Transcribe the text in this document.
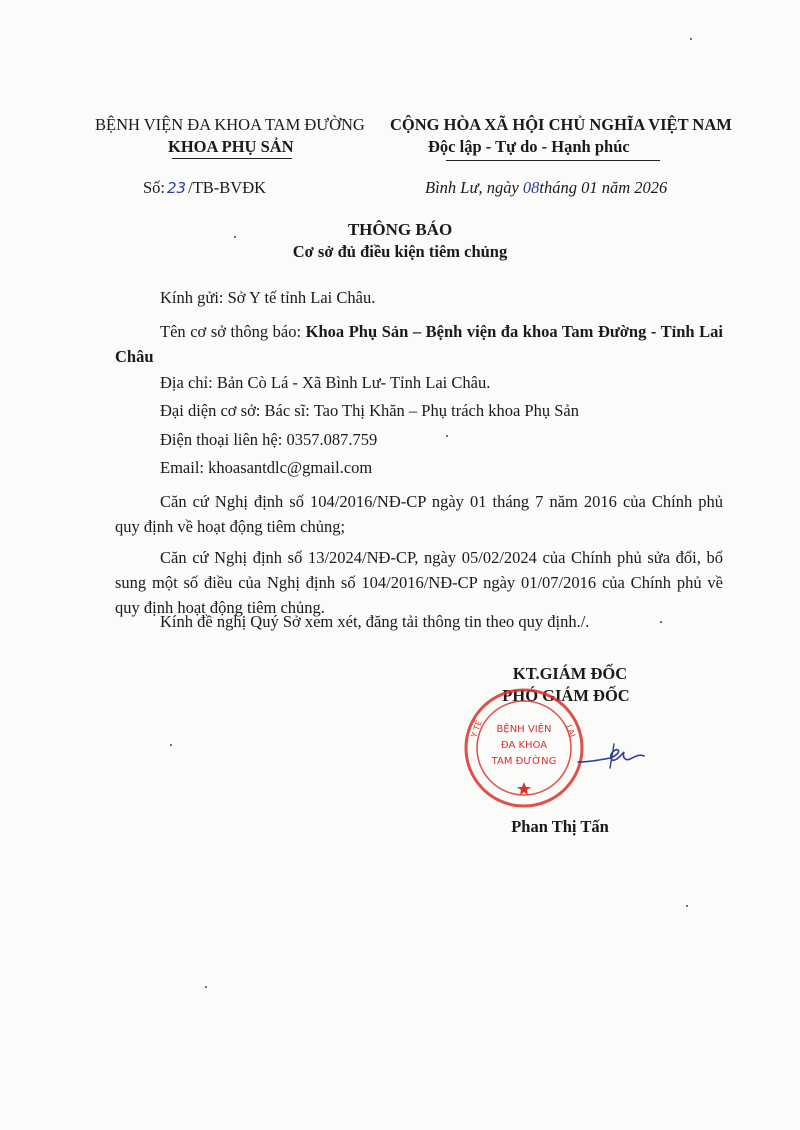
BỆNH VIỆN ĐA KHOA TAM ĐƯỜNG
KHOA PHỤ SẢN
CỘNG HÒA XÃ HỘI CHỦ NGHĨA VIỆT NAM
Độc lập - Tự do - Hạnh phúc
Số: 23 /TB-BVĐK	Bình Lư, ngày 08tháng 01 năm 2026
THÔNG BÁO
Cơ sở đủ điều kiện tiêm chủng
Kính gửi: Sở Y tế tỉnh Lai Châu.
Tên cơ sở thông báo: Khoa Phụ Sản – Bệnh viện đa khoa Tam Đường - Tỉnh Lai Châu
Địa chỉ: Bản Cò Lá - Xã Bình Lư- Tỉnh Lai Châu.
Đại diện cơ sở: Bác sĩ: Tao Thị Khăn – Phụ trách khoa Phụ Sản
Điện thoại liên hệ: 0357.087.759
Email: khoasantdlc@gmail.com
Căn cứ Nghị định số 104/2016/NĐ-CP ngày 01 tháng 7 năm 2016 của Chính phủ quy định về hoạt động tiêm chủng;
Căn cứ Nghị định số 13/2024/NĐ-CP, ngày 05/02/2024 của Chính phủ sửa đổi, bổ sung một số điều của Nghị định số 104/2016/NĐ-CP ngày 01/07/2016 của Chính phủ về quy định hoạt động tiêm chủng.
Kính đề nghị Quý Sở xem xét, đăng tải thông tin theo quy định./.
KT.GIÁM ĐỐC
PHÓ GIÁM ĐỐC
BỆNH VIỆN
ĐA KHOA
TAM ĐƯỜNG
Y TẾ	LAI
Phan Thị Tấn
